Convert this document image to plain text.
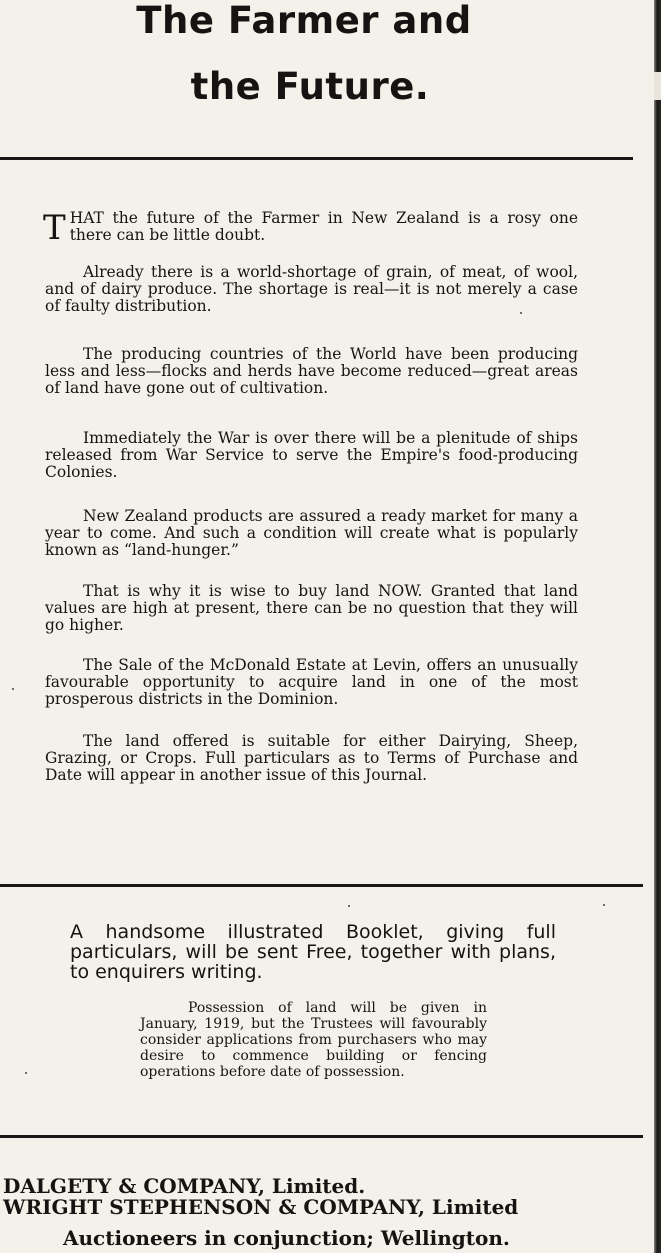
The Farmer and
the Future.
T HAT the future of the Farmer in New Zealand is a rosy one there can be little doubt.
Already there is a world-shortage of grain, of meat, of wool, and of dairy produce. The shortage is real—it is not merely a case of faulty distribution.
The producing countries of the World have been producing less and less—flocks and herds have become reduced—great areas of land have gone out of cultivation.
Immediately the War is over there will be a plenitude of ships released from War Service to serve the Empire's food-producing Colonies.
New Zealand products are assured a ready market for many a year to come. And such a condition will create what is popularly known as “land-hunger.”
That is why it is wise to buy land NOW. Granted that land values are high at present, there can be no question that they will go higher.
The Sale of the McDonald Estate at Levin, offers an unusually favourable opportunity to acquire land in one of the most prosperous districts in the Dominion.
The land offered is suitable for either Dairying, Sheep, Grazing, or Crops. Full particulars as to Terms of Purchase and Date will appear in another issue of this Journal.
A handsome illustrated Booklet, giving full particulars, will be sent Free, together with plans, to enquirers writing.
Possession of land will be given in January, 1919, but the Trustees will favourably consider applications from purchasers who may desire to commence building or fencing operations before date of possession.
DALGETY & COMPANY, Limited.
WRIGHT STEPHENSON & COMPANY, Limited
Auctioneers in conjunction; Wellington.
